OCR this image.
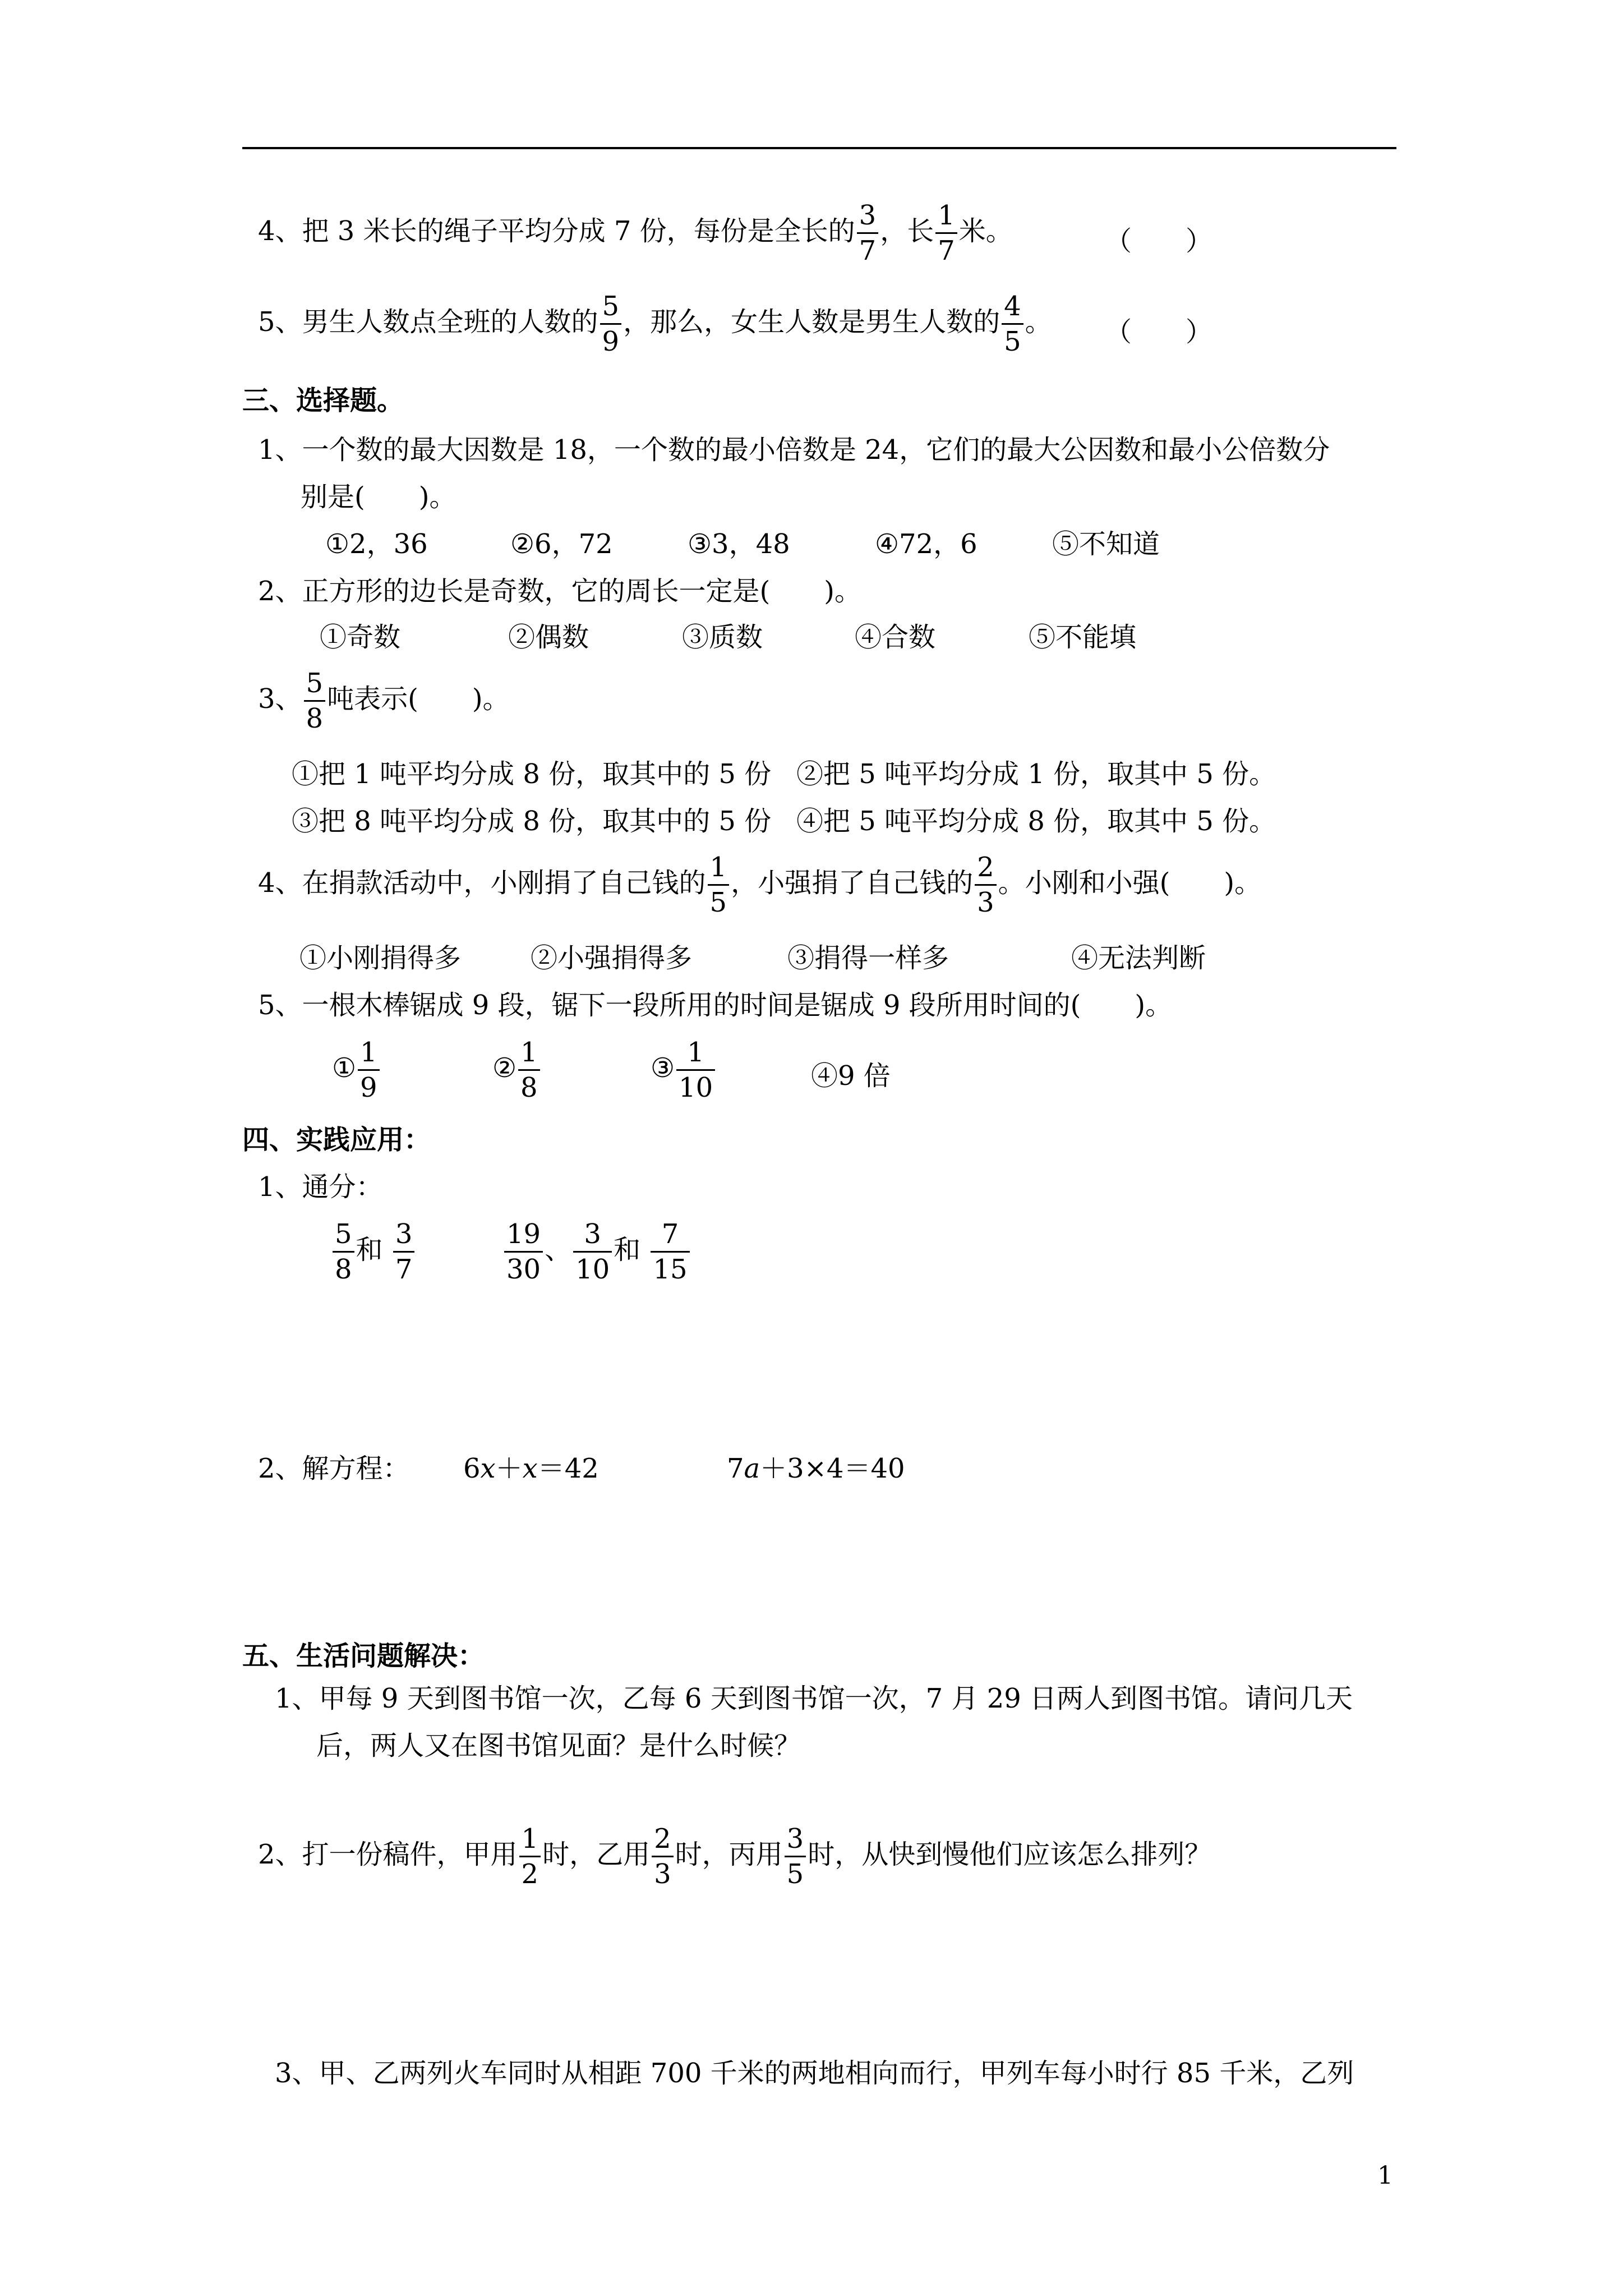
4、把 3 米长的绳子平均分成 7 份，每份是全长的 $\frac{3}{7}$ ，长 $\frac{1}{7}$ 米。	（　　）
5、男生人数点全班的人数的 $\frac{5}{9}$ ，那么，女生人数是男生人数的 $\frac{4}{5}$ 。 （　　）
三、选择题。
1、一个数的最大因数是 18，一个数的最小倍数是 24，它们的最大公因数和最小公倍数分
别是(　　)。
①2，36	②6，72	③3，48	④72，6	⑤不知道
2、正方形的边长是奇数，它的周长一定是(　　)。
①奇数	②偶数	③质数	④合数	⑤不能填
3、 $\frac{5}{8}$ 吨表示(　　)。
①把 1 吨平均分成 8 份，取其中的 5 份 ②把 5 吨平均分成 1 份，取其中 5 份。
③把 8 吨平均分成 8 份，取其中的 5 份 ④把 5 吨平均分成 8 份，取其中 5 份。
4、在捐款活动中，小刚捐了自己钱的 $\frac{1}{5}$ ，小强捐了自己钱的 $\frac{2}{3}$ 。小刚和小强(　　)。
①小刚捐得多	②小强捐得多	③捐得一样多	④无法判断
5、一根木棒锯成 9 段，锯下一段所用的时间是锯成 9 段所用时间的(　　)。
① $\frac{1}{9}$	② $\frac{1}{8}$	③ $\frac{1}{10}$	④9 倍
四、实践应用：
1、通分：
$\frac{5}{8}$ 和 $\frac{3}{7}$	$\frac{19}{30}$ 、 $\frac{3}{10}$ 和 $\frac{7}{15}$
2、解方程： 6x＋x＝42	7a＋3×4＝40
五、生活问题解决：
1、甲每 9 天到图书馆一次，乙每 6 天到图书馆一次，7 月 29 日两人到图书馆。请问几天
后，两人又在图书馆见面？是什么时候？
2、打一份稿件，甲用 $\frac{1}{2}$ 时，乙用 $\frac{2}{3}$ 时，丙用 $\frac{3}{5}$ 时，从快到慢他们应该怎么排列？
3、甲、乙两列火车同时从相距 700 千米的两地相向而行，甲列车每小时行 85 千米，乙列
1
